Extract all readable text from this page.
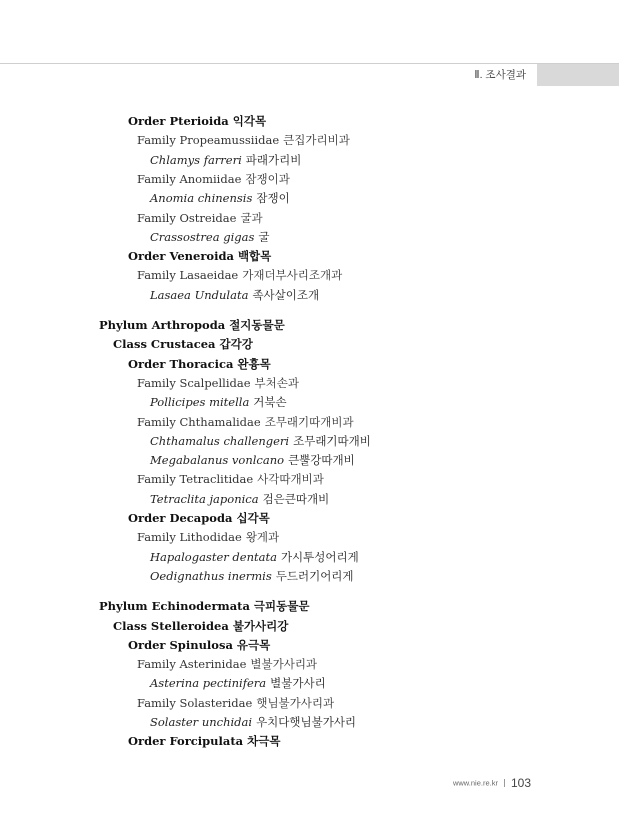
Ⅱ. 조사결과
Order Pterioida 익각목
Family Propeamussiidae 큰집가리비과
Chlamys farreri 파래가리비
Family Anomiidae 잠쟁이과
Anomia chinensis 잠쟁이
Family Ostreidae 굴과
Crassostrea gigas 굴
Order Veneroida 백합목
Family Lasaeidae 가재더부사리조개과
Lasaea Undulata 족사살이조개
Phylum Arthropoda 절지동물문
Class Crustacea 갑각강
Order Thoracica 완흉목
Family Scalpellidae 부처손과
Pollicipes mitella 거북손
Family Chthamalidae 조무래기따개비과
Chthamalus challengeri 조무래기따개비
Megabalanus vonlcano 큰뿔강따개비
Family Tetraclitidae 사각따개비과
Tetraclita japonica 검은큰따개비
Order Decapoda 십각목
Family Lithodidae 왕게과
Hapalogaster dentata 가시투성어리게
Oedignathus inermis 두드러기어리게
Phylum Echinodermata 극피동물문
Class Stelleroidea 불가사리강
Order Spinulosa 유극목
Family Asterinidae 별불가사리과
Asterina pectinifera 별불가사리
Family Solasteridae 햇님불가사리과
Solaster unchidai 우치다햇님불가사리
Order Forcipulata 차극목
www.nie.re.kr 103
